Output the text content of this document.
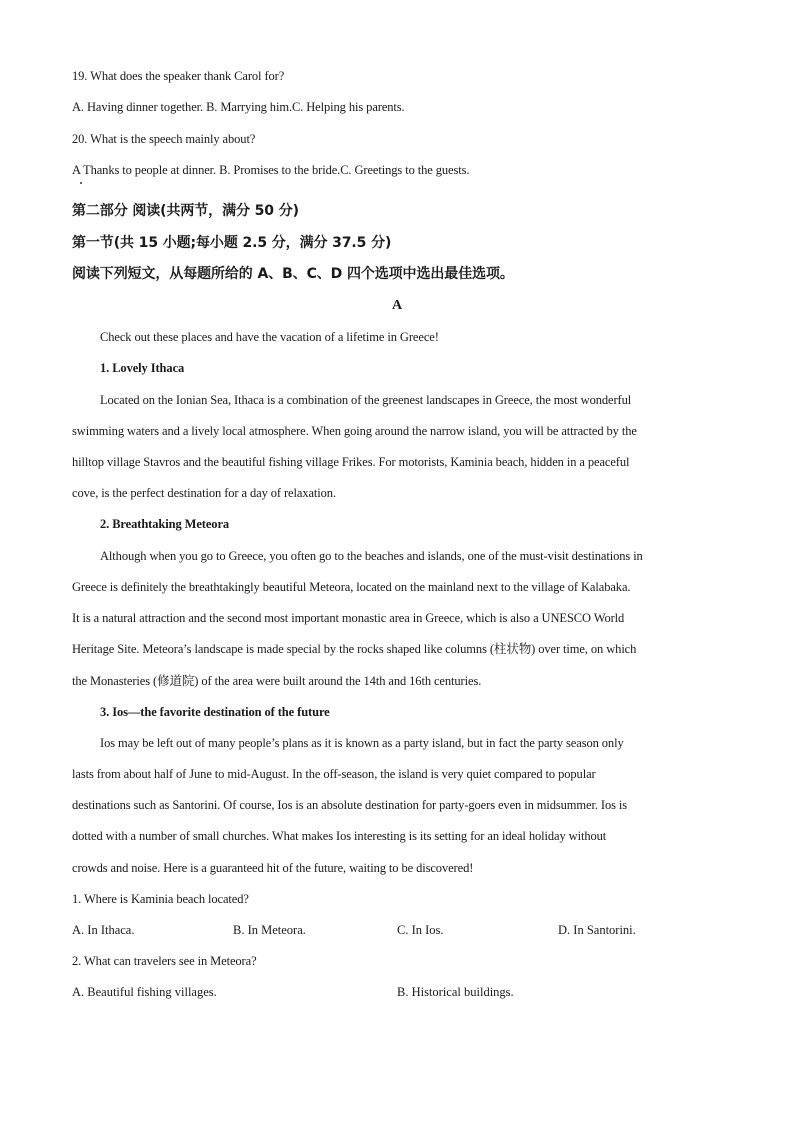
19. What does the speaker thank Carol for?
A. Having dinner together. B. Marrying him.C. Helping his parents.
20. What is the speech mainly about?
A Thanks to people at dinner. B. Promises to the bride.C. Greetings to the guests.
第二部分 阅读(共两节，满分 50 分)
第一节(共 15 小题;每小题 2.5 分，满分 37.5 分)
阅读下列短文，从每题所给的 A、B、C、D 四个选项中选出最佳选项。
A
Check out these places and have the vacation of a lifetime in Greece!
1. Lovely Ithaca
Located on the Ionian Sea, Ithaca is a combination of the greenest landscapes in Greece, the most wonderful
swimming waters and a lively local atmosphere. When going around the narrow island, you will be attracted by the
hilltop village Stavros and the beautiful fishing village Frikes. For motorists, Kaminia beach, hidden in a peaceful
cove, is the perfect destination for a day of relaxation.
2. Breathtaking Meteora
Although when you go to Greece, you often go to the beaches and islands, one of the must-visit destinations in
Greece is definitely the breathtakingly beautiful Meteora, located on the mainland next to the village of Kalabaka.
It is a natural attraction and the second most important monastic area in Greece, which is also a UNESCO World
Heritage Site. Meteora’s landscape is made special by the rocks shaped like columns (柱状物) over time, on which
the Monasteries (修道院) of the area were built around the 14th and 16th centuries.
3. Ios—the favorite destination of the future
Ios may be left out of many people’s plans as it is known as a party island, but in fact the party season only
lasts from about half of June to mid-August. In the off-season, the island is very quiet compared to popular
destinations such as Santorini. Of course, Ios is an absolute destination for party-goers even in midsummer. Ios is
dotted with a number of small churches. What makes Ios interesting is its setting for an ideal holiday without
crowds and noise. Here is a guaranteed hit of the future, waiting to be discovered!
1. Where is Kaminia beach located?
A. In Ithaca.	B. In Meteora.	C. In Ios.	D. In Santorini.
2. What can travelers see in Meteora?
A. Beautiful fishing villages.	B. Historical buildings.
